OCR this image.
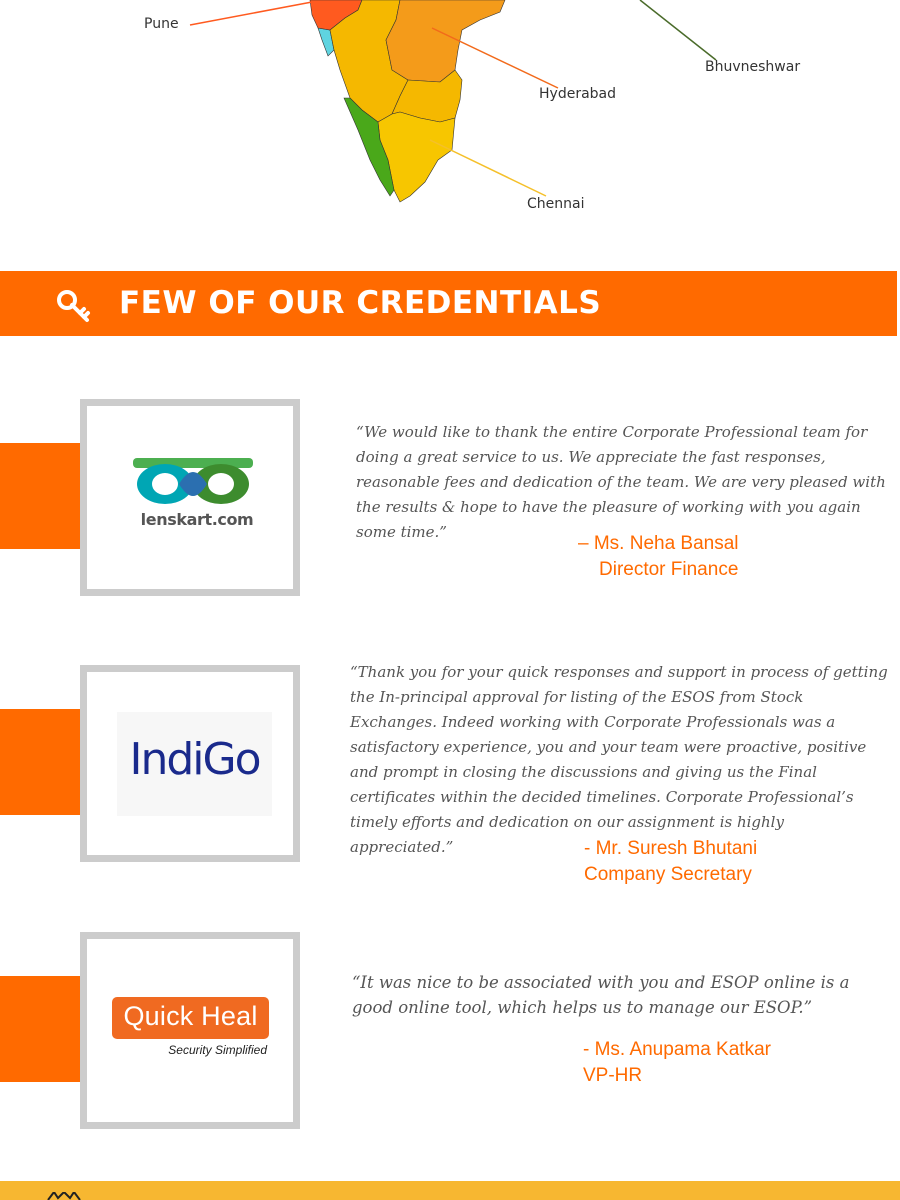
Pune
Hyderabad
Bhuvneshwar
Chennai
FEW OF OUR CREDENTIALS
lenskart.com

“We would like to thank the entire Corporate Professional team for doing a great service to us. We appreciate the fast responses, reasonable fees and dedication of the team. We are very pleased with the results & hope to have the pleasure of working with you again some time.”

– Ms. Neha Bansal
Director Finance
IndiGo

“Thank you for your quick responses and support in process of getting the In-principal approval for listing of the ESOS from Stock Exchanges. Indeed working with Corporate Professionals was a satisfactory experience, you and your team were proactive, positive and prompt in closing the discussions and giving us the Final certificates within the decided timelines. Corporate Professional’s timely efforts and dedication on our assignment is highly appreciated.”	- Mr. Suresh Bhutani
Company Secretary
Quick Heal
Security Simplified

“It was nice to be associated with you and ESOP online is a good online tool, which helps us to manage our ESOP.”

- Ms. Anupama Katkar
VP-HR
